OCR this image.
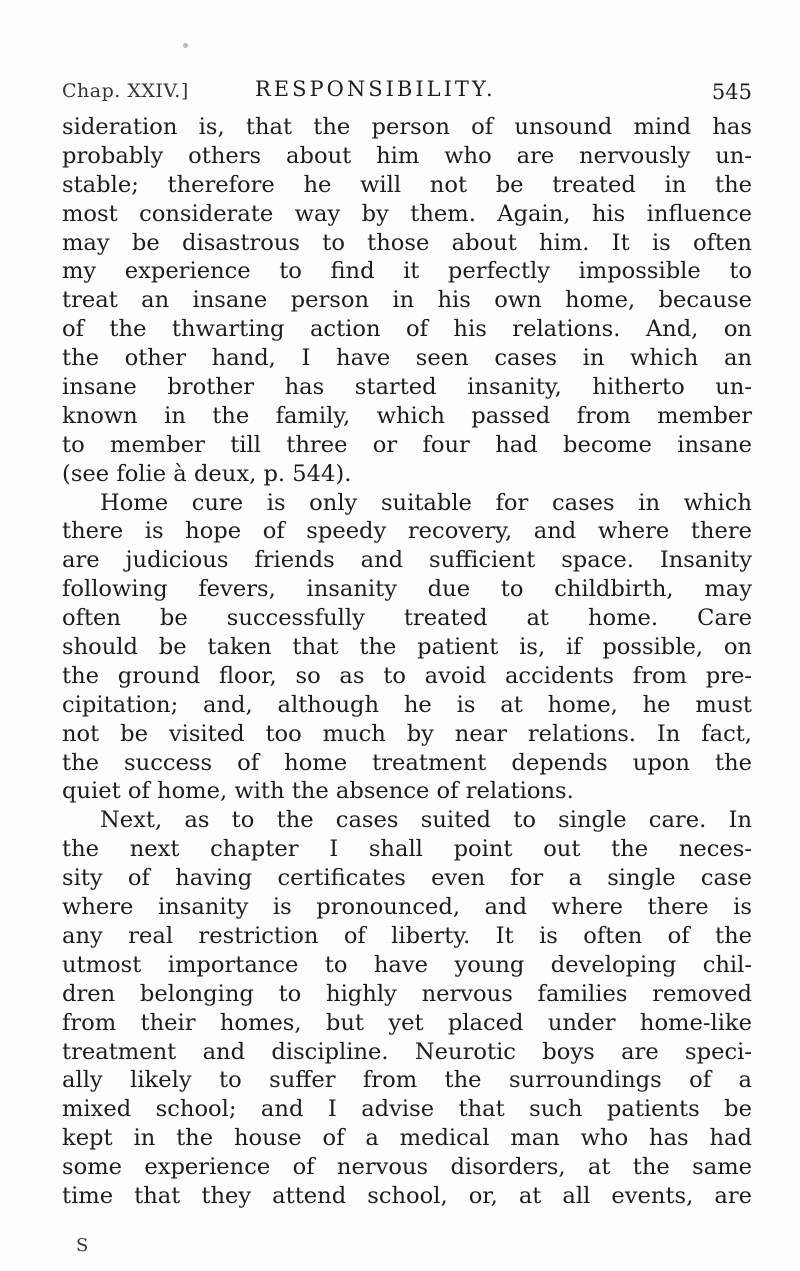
Chap. XXIV.]	RESPONSIBILITY.	545
sideration is, that the person of unsound mind has
probably others about him who are nervously un-
stable; therefore he will not be treated in the
most considerate way by them. Again, his influence
may be disastrous to those about him. It is often
my experience to find it perfectly impossible to
treat an insane person in his own home, because
of the thwarting action of his relations. And, on
the other hand, I have seen cases in which an
insane brother has started insanity, hitherto un-
known in the family, which passed from member
to member till three or four had become insane
(see folie à deux, p. 544).
Home cure is only suitable for cases in which
there is hope of speedy recovery, and where there
are judicious friends and sufficient space. Insanity
following fevers, insanity due to childbirth, may
often be successfully treated at home. Care
should be taken that the patient is, if possible, on
the ground floor, so as to avoid accidents from pre-
cipitation; and, although he is at home, he must
not be visited too much by near relations. In fact,
the success of home treatment depends upon the
quiet of home, with the absence of relations.
Next, as to the cases suited to single care. In
the next chapter I shall point out the neces-
sity of having certificates even for a single case
where insanity is pronounced, and where there is
any real restriction of liberty. It is often of the
utmost importance to have young developing chil-
dren belonging to highly nervous families removed
from their homes, but yet placed under home-like
treatment and discipline. Neurotic boys are speci-
ally likely to suffer from the surroundings of a
mixed school; and I advise that such patients be
kept in the house of a medical man who has had
some experience of nervous disorders, at the same
time that they attend school, or, at all events, are
S
